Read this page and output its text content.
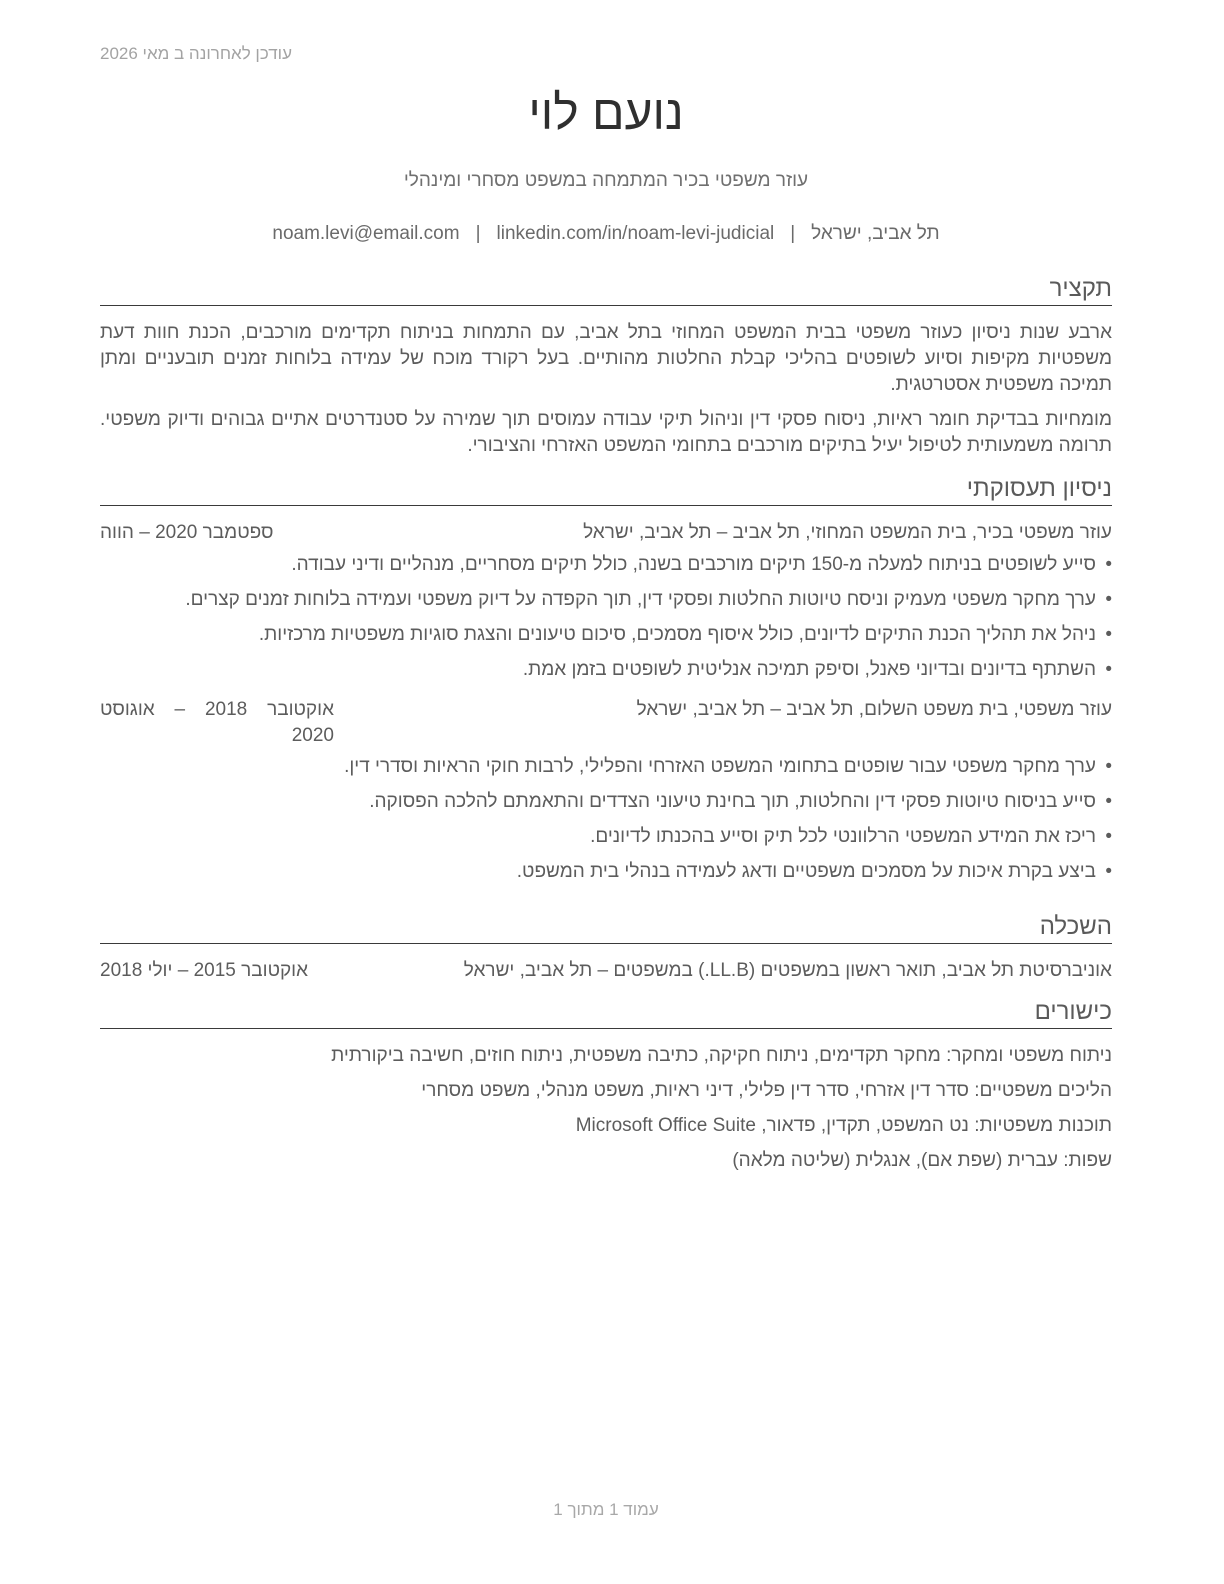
עודכן לאחרונה ב מאי 2026
נועם לוי
עוזר משפטי בכיר המתמחה במשפט מסחרי ומינהלי
תל אביב, ישראל|noam.levi@email.com | linkedin.com/in/noam-levi-judicial
תקציר

ארבע שנות ניסיון כעוזר משפטי בבית המשפט המחוזי בתל אביב, עם התמחות בניתוח תקדימים מורכבים, הכנת חוות דעת משפטיות מקיפות וסיוע לשופטים בהליכי קבלת החלטות מהותיים. בעל רקורד מוכח של עמידה בלוחות זמנים תובעניים ומתן תמיכה משפטית אסטרטגית.

מומחיות בבדיקת חומר ראיות, ניסוח פסקי דין וניהול תיקי עבודה עמוסים תוך שמירה על סטנדרטים אתיים גבוהים ודיוק משפטי. תרומה משמעותית לטיפול יעיל בתיקים מורכבים בתחומי המשפט האזרחי והציבורי.

ניסיון תעסוקתי
עוזר משפטי בכיר, בית המשפט המחוזי, תל אביב – תל אביב, ישראל
ספטמבר 2020 – הווה
• סייע לשופטים בניתוח למעלה מ-150 תיקים מורכבים בשנה, כולל תיקים מסחריים, מנהליים ודיני עבודה.
• ערך מחקר משפטי מעמיק וניסח טיוטות החלטות ופסקי דין, תוך הקפדה על דיוק משפטי ועמידה בלוחות זמנים קצרים.
• ניהל את תהליך הכנת התיקים לדיונים, כולל איסוף מסמכים, סיכום טיעונים והצגת סוגיות משפטיות מרכזיות.
• השתתף בדיונים ובדיוני פאנל, וסיפק תמיכה אנליטית לשופטים בזמן אמת.
עוזר משפטי, בית משפט השלום, תל אביב – תל אביב, ישראל
אוקטובר 2018 – אוגוסט 2020
• ערך מחקר משפטי עבור שופטים בתחומי המשפט האזרחי והפלילי, לרבות חוקי הראיות וסדרי דין.
• סייע בניסוח טיוטות פסקי דין והחלטות, תוך בחינת טיעוני הצדדים והתאמתם להלכה הפסוקה.
• ריכז את המידע המשפטי הרלוונטי לכל תיק וסייע בהכנתו לדיונים.
• ביצע בקרת איכות על מסמכים משפטיים ודאג לעמידה בנהלי בית המשפט.
השכלה
אוניברסיטת תל אביב, תואר ראשון במשפטים (LL.B.) במשפטים – תל אביב, ישראל
אוקטובר 2015 – יולי 2018
כישורים
ניתוח משפטי ומחקר: מחקר תקדימים, ניתוח חקיקה, כתיבה משפטית, ניתוח חוזים, חשיבה ביקורתית
הליכים משפטיים: סדר דין אזרחי, סדר דין פלילי, דיני ראיות, משפט מנהלי, משפט מסחרי
תוכנות משפטיות: נט המשפט, תקדין, פדאור, Microsoft Office Suite
שפות: עברית (שפת אם), אנגלית (שליטה מלאה)
עמוד 1 מתוך 1
